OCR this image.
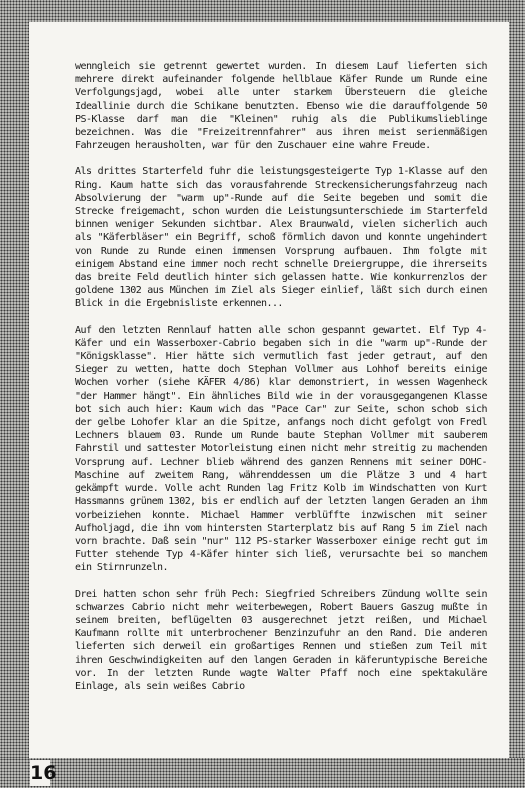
wenngleich sie getrennt gewertet wurden. In diesem Lauf lieferten sich mehrere direkt aufeinander folgende hellblaue Käfer Runde um Runde eine Verfolgungsjagd, wobei alle unter starkem Übersteuern die gleiche Ideallinie durch die Schikane benutzten. Ebenso wie die darauffolgende 50 PS-Klasse darf man die "Kleinen" ruhig als die Publikumslieblinge bezeichnen. Was die "Freizeitrennfahrer" aus ihren meist serienmäßigen Fahrzeugen herausholten, war für den Zuschauer eine wahre Freude.

Als drittes Starterfeld fuhr die leistungsgesteigerte Typ 1-Klasse auf den Ring. Kaum hatte sich das vorausfahrende Streckensicherungsfahrzeug nach Absolvierung der "warm up"-Runde auf die Seite begeben und somit die Strecke freigemacht, schon wurden die Leistungsunterschiede im Starterfeld binnen weniger Sekunden sichtbar. Alex Braunwald, vielen sicherlich auch als "Käferbläser" ein Begriff, schoß förmlich davon und konnte ungehindert von Runde zu Runde einen immensen Vorsprung aufbauen. Ihm folgte mit einigem Abstand eine immer noch recht schnelle Dreiergruppe, die ihrerseits das breite Feld deutlich hinter sich gelassen hatte. Wie konkurrenzlos der goldene 1302 aus München im Ziel als Sieger einlief, läßt sich durch einen Blick in die Ergebnisliste erkennen...

Auf den letzten Rennlauf hatten alle schon gespannt gewartet. Elf Typ 4-Käfer und ein Wasserboxer-Cabrio begaben sich in die "warm up"-Runde der "Königsklasse". Hier hätte sich vermutlich fast jeder getraut, auf den Sieger zu wetten, hatte doch Stephan Vollmer aus Lohhof bereits einige Wochen vorher (siehe KÄFER 4/86) klar demonstriert, in wessen Wagenheck "der Hammer hängt". Ein ähnliches Bild wie in der vorausgegangenen Klasse bot sich auch hier: Kaum wich das "Pace Car" zur Seite, schon schob sich der gelbe Lohofer klar an die Spitze, anfangs noch dicht gefolgt von Fredl Lechners blauem 03. Runde um Runde baute Stephan Vollmer mit sauberem Fahrstil und sattester Motorleistung einen nicht mehr streitig zu machenden Vorsprung auf. Lechner blieb während des ganzen Rennens mit seiner DOHC-Maschine auf zweitem Rang, währenddessen um die Plätze 3 und 4 hart gekämpft wurde. Volle acht Runden lag Fritz Kolb im Windschatten von Kurt Hassmanns grünem 1302, bis er endlich auf der letzten langen Geraden an ihm vorbeiziehen konnte. Michael Hammer verblüffte inzwischen mit seiner Aufholjagd, die ihn vom hintersten Starterplatz bis auf Rang 5 im Ziel nach vorn brachte. Daß sein "nur" 112 PS-starker Wasserboxer einige recht gut im Futter stehende Typ 4-Käfer hinter sich ließ, verursachte bei so manchem ein Stirnrunzeln.

Drei hatten schon sehr früh Pech: Siegfried Schreibers Zündung wollte sein schwarzes Cabrio nicht mehr weiterbewegen, Robert Bauers Gaszug mußte in seinem breiten, beflügelten 03 ausgerechnet jetzt reißen, und Michael Kaufmann rollte mit unterbrochener Benzinzufuhr an den Rand. Die anderen lieferten sich derweil ein großartiges Rennen und stießen zum Teil mit ihren Geschwindigkeiten auf den langen Geraden in käferuntypische Bereiche vor. In der letzten Runde wagte Walter Pfaff noch eine spektakuläre Einlage, als sein weißes Cabrio

16
